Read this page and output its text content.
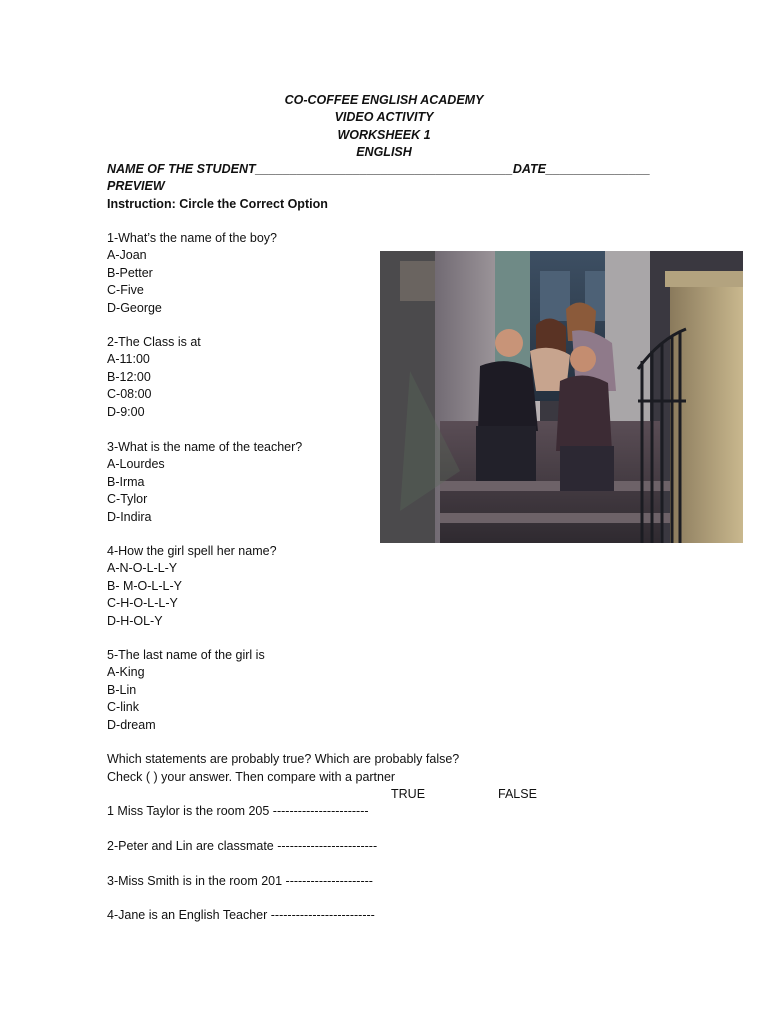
CO-COFFEE ENGLISH ACADEMY
VIDEO ACTIVITY
WORKSHEEK 1
ENGLISH
NAME OF THE STUDENT_____________________________________DATE_______________
PREVIEW
Instruction: Circle the Correct Option
1-What’s the name of the boy?
A-Joan
B-Petter
C-Five
D-George
2-The Class is at
A-11:00
B-12:00
C-08:00
D-9:00
3-What is the name of the teacher?
A-Lourdes
B-Irma
C-Tylor
D-Indira
4-How the girl spell her name?
A-N-O-L-L-Y
B- M-O-L-L-Y
C-H-O-L-L-Y
D-H-OL-Y
5-The last name of the girl is
A-King
B-Lin
C-link
D-dream
Which statements are probably true? Which are probably false?
Check ( ) your answer. Then compare with a partner
TRUE	FALSE
1 Miss Taylor is the room 205 -----------------------
2-Peter and Lin are classmate ------------------------
3-Miss Smith is in the room 201 ---------------------
4-Jane is an English Teacher -------------------------
